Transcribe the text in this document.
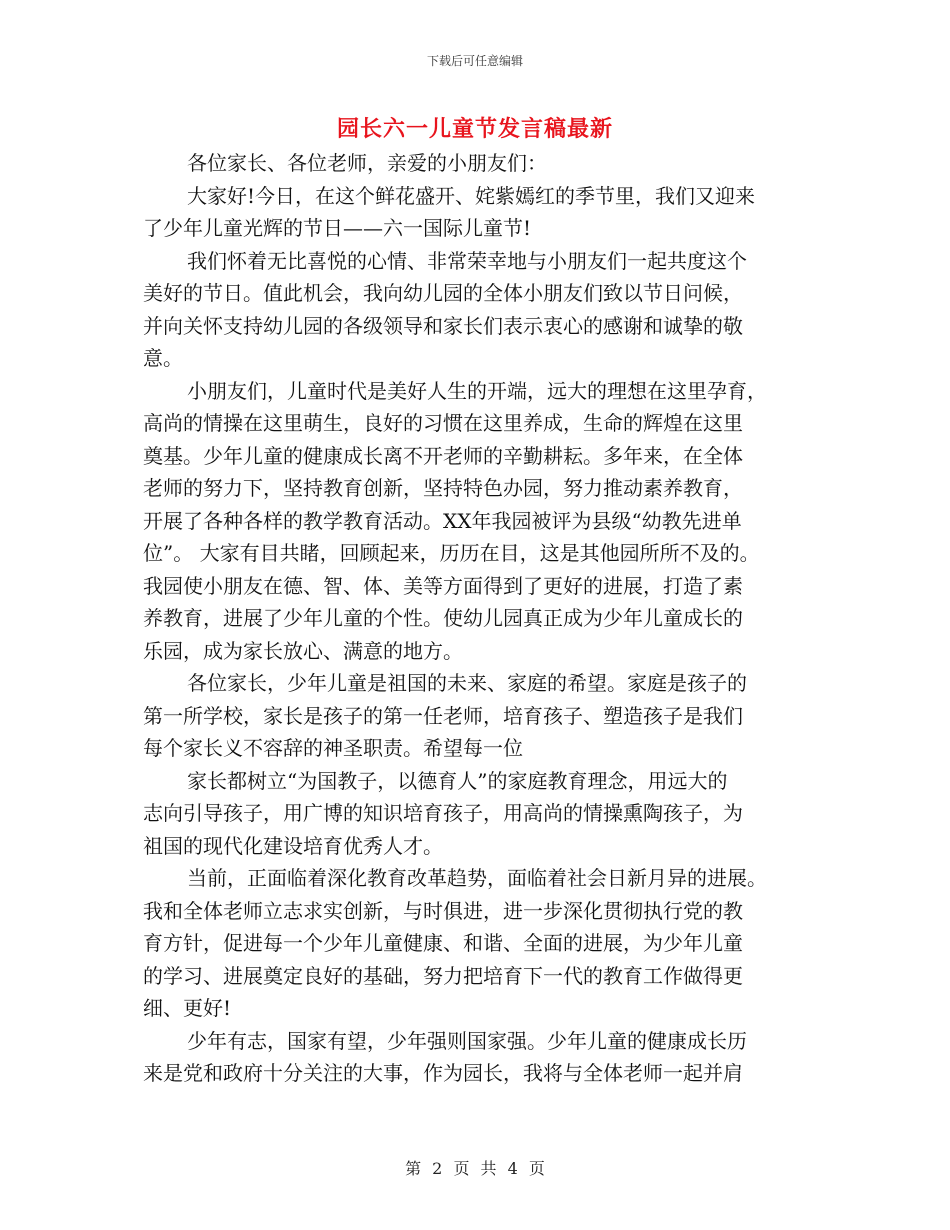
下载后可任意编辑
园长六一儿童节发言稿最新
各位家长、各位老师，亲爱的小朋友们：
大家好!今日，在这个鲜花盛开、姹紫嫣红的季节里，我们又迎来
了少年儿童光辉的节日——六一国际儿童节!
我们怀着无比喜悦的心情、非常荣幸地与小朋友们一起共度这个
美好的节日。值此机会，我向幼儿园的全体小朋友们致以节日问候，
并向关怀支持幼儿园的各级领导和家长们表示衷心的感谢和诚挚的敬
意。
小朋友们，儿童时代是美好人生的开端，远大的理想在这里孕育，
高尚的情操在这里萌生，良好的习惯在这里养成，生命的辉煌在这里
奠基。少年儿童的健康成长离不开老师的辛勤耕耘。多年来，在全体
老师的努力下，坚持教育创新，坚持特色办园，努力推动素养教育，
开展了各种各样的教学教育活动。XX年我园被评为县级“幼教先进单
位”。 大家有目共睹，回顾起来，历历在目，这是其他园所所不及的。
我园使小朋友在德、智、体、美等方面得到了更好的进展，打造了素
养教育，进展了少年儿童的个性。使幼儿园真正成为少年儿童成长的
乐园，成为家长放心、满意的地方。
各位家长，少年儿童是祖国的未来、家庭的希望。家庭是孩子的
第一所学校，家长是孩子的第一任老师，培育孩子、塑造孩子是我们
每个家长义不容辞的神圣职责。希望每一位
家长都树立“为国教子，以德育人”的家庭教育理念，用远大的
志向引导孩子，用广博的知识培育孩子，用高尚的情操熏陶孩子，为
祖国的现代化建设培育优秀人才。
当前，正面临着深化教育改革趋势，面临着社会日新月异的进展。
我和全体老师立志求实创新，与时俱进，进一步深化贯彻执行党的教
育方针，促进每一个少年儿童健康、和谐、全面的进展，为少年儿童
的学习、进展奠定良好的基础，努力把培育下一代的教育工作做得更
细、更好!
少年有志，国家有望，少年强则国家强。少年儿童的健康成长历
来是党和政府十分关注的大事，作为园长，我将与全体老师一起并肩
第 2 页 共 4 页
